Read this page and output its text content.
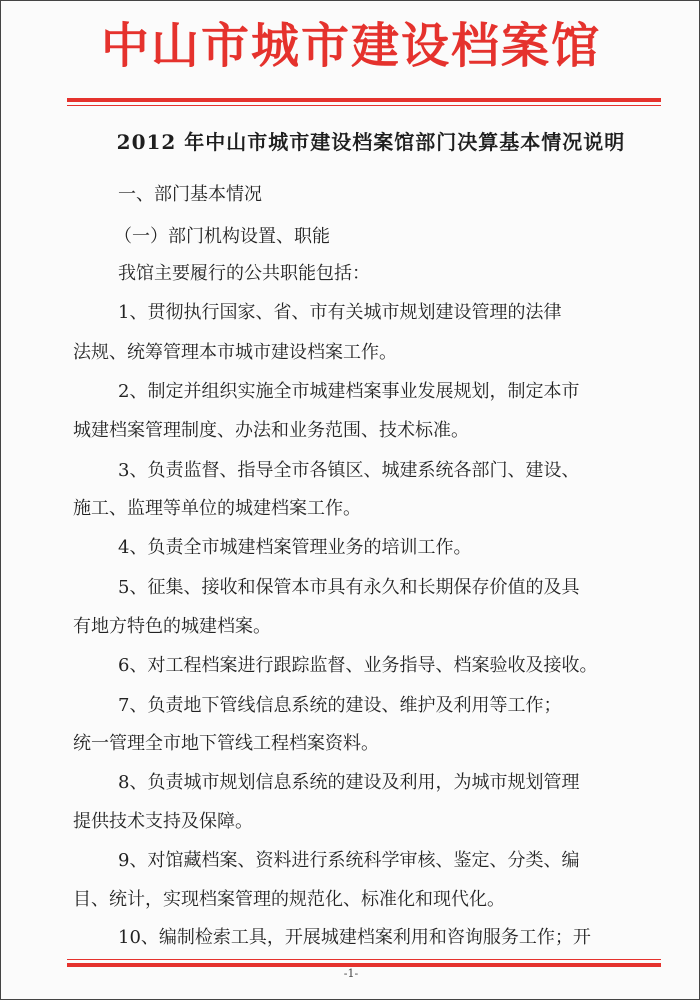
中山市城市建设档案馆
2012 年中山市城市建设档案馆部门决算基本情况说明
一、部门基本情况
（一）部门机构设置、职能
我馆主要履行的公共职能包括：
1、贯彻执行国家、省、市有关城市规划建设管理的法律
法规、统筹管理本市城市建设档案工作。
2、制定并组织实施全市城建档案事业发展规划，制定本市
城建档案管理制度、办法和业务范围、技术标准。
3、负责监督、指导全市各镇区、城建系统各部门、建设、
施工、监理等单位的城建档案工作。
4、负责全市城建档案管理业务的培训工作。
5、征集、接收和保管本市具有永久和长期保存价值的及具
有地方特色的城建档案。
6、对工程档案进行跟踪监督、业务指导、档案验收及接收。
7、负责地下管线信息系统的建设、维护及利用等工作；
统一管理全市地下管线工程档案资料。
8、负责城市规划信息系统的建设及利用，为城市规划管理
提供技术支持及保障。
9、对馆藏档案、资料进行系统科学审核、鉴定、分类、编
目、统计，实现档案管理的规范化、标准化和现代化。
10、编制检索工具，开展城建档案利用和咨询服务工作；开
-1-
